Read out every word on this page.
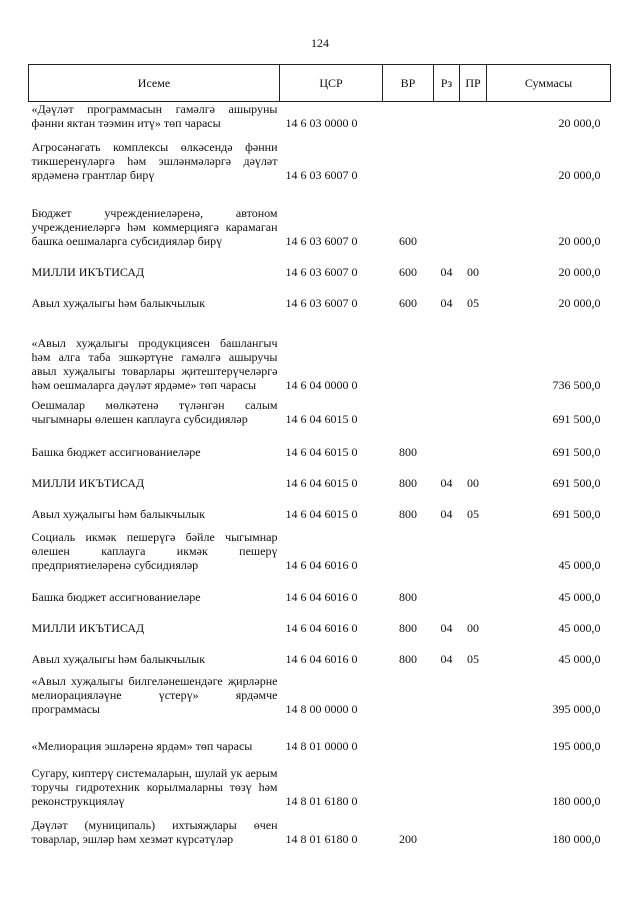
124
Исеме	ЦСР	ВР	Рз	ПР	Суммасы
«Дәүләт программасын гамәлгә ашыруны фәнни яктан тәэмин итү» төп чарасы	14 6 03 0000 0				20 000,0
Агросәнәгать комплексы өлкәсендә фәнни тикшеренүләргә һәм эшләнмәләргә дәүләт ярдәменә грантлар бирү	14 6 03 6007 0				20 000,0
Бюджет учреждениеләренә, автоном учреждениеләргә һәм коммерциягә карамаган башка оешмаларга субсидияләр бирү	14 6 03 6007 0	600			20 000,0
МИЛЛИ ИКЪТИСАД	14 6 03 6007 0	600	04	00	20 000,0
Авыл хуҗалыгы һәм балыкчылык	14 6 03 6007 0	600	04	05	20 000,0
«Авыл хуҗалыгы продукциясен башлангыч һәм алга таба эшкәртүне гамәлгә ашыручы авыл хуҗалыгы товарлары җитештерүчеләргә һәм оешмаларга дәүләт ярдәме» төп чарасы	14 6 04 0000 0				736 500,0
Оешмалар мөлкәтенә түләнгән салым чыгымнары өлешен каплауга субсидияләр	14 6 04 6015 0				691 500,0
Башка бюджет ассигнованиеләре	14 6 04 6015 0	800			691 500,0
МИЛЛИ ИКЪТИСАД	14 6 04 6015 0	800	04	00	691 500,0
Авыл хуҗалыгы һәм балыкчылык	14 6 04 6015 0	800	04	05	691 500,0
Социаль икмәк пешерүгә бәйле чыгымнар өлешен каплауга икмәк пешерү предприятиеләренә субсидияләр	14 6 04 6016 0				45 000,0
Башка бюджет ассигнованиеләре	14 6 04 6016 0	800			45 000,0
МИЛЛИ ИКЪТИСАД	14 6 04 6016 0	800	04	00	45 000,0
Авыл хуҗалыгы һәм балыкчылык	14 6 04 6016 0	800	04	05	45 000,0
«Авыл хуҗалыгы билгеләнешендәге җирләрне мелиорацияләүне үстерү» ярдәмче программасы	14 8 00 0000 0				395 000,0
«Мелиорация эшләренә ярдәм» төп чарасы	14 8 01 0000 0				195 000,0
Сугару, киптерү системаларын, шулай ук аерым торучы гидротехник корылмаларны төзү һәм реконструкцияләү	14 8 01 6180 0				180 000,0
Дәүләт (муниципаль) ихтыяҗлары өчен товарлар, эшләр һәм хезмәт күрсәтүләр	14 8 01 6180 0	200			180 000,0
